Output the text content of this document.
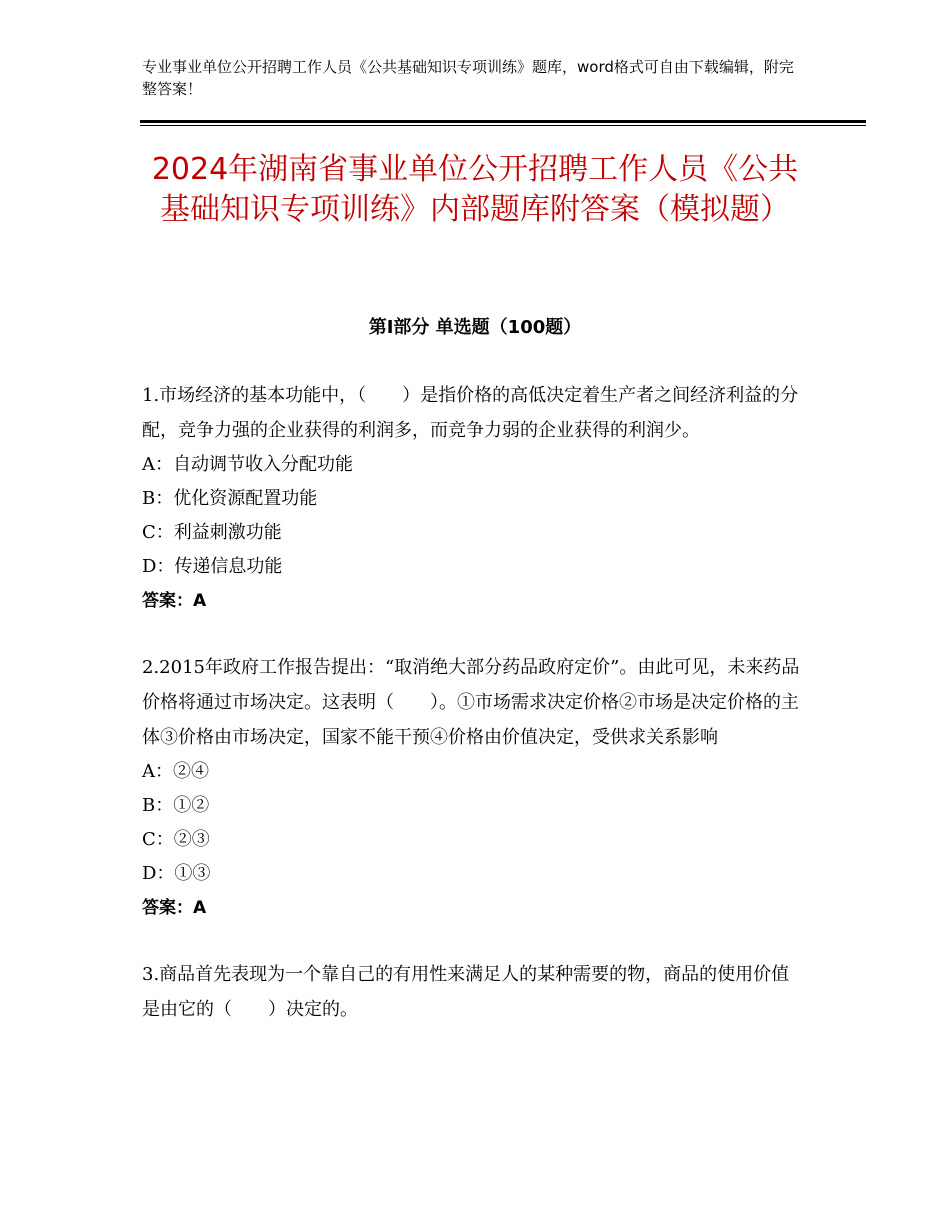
专业事业单位公开招聘工作人员《公共基础知识专项训练》题库，word格式可自由下载编辑，附完整答案！
2024年湖南省事业单位公开招聘工作人员《公共基础知识专项训练》内部题库附答案（模拟题）
第Ⅰ部分 单选题（100题）

1.市场经济的基本功能中，（　　）是指价格的高低决定着生产者之间经济利益的分配，竞争力强的企业获得的利润多，而竞争力弱的企业获得的利润少。

A：自动调节收入分配功能

B：优化资源配置功能

C：利益刺激功能

D：传递信息功能

答案：A

2.2015年政府工作报告提出：“取消绝大部分药品政府定价”。由此可见，未来药品价格将通过市场决定。这表明（　　）。①市场需求决定价格②市场是决定价格的主体③价格由市场决定，国家不能干预④价格由价值决定，受供求关系影响

A：②④

B：①②

C：②③

D：①③

答案：A

3.商品首先表现为一个靠自己的有用性来满足人的某种需要的物，商品的使用价值是由它的（　　）决定的。
